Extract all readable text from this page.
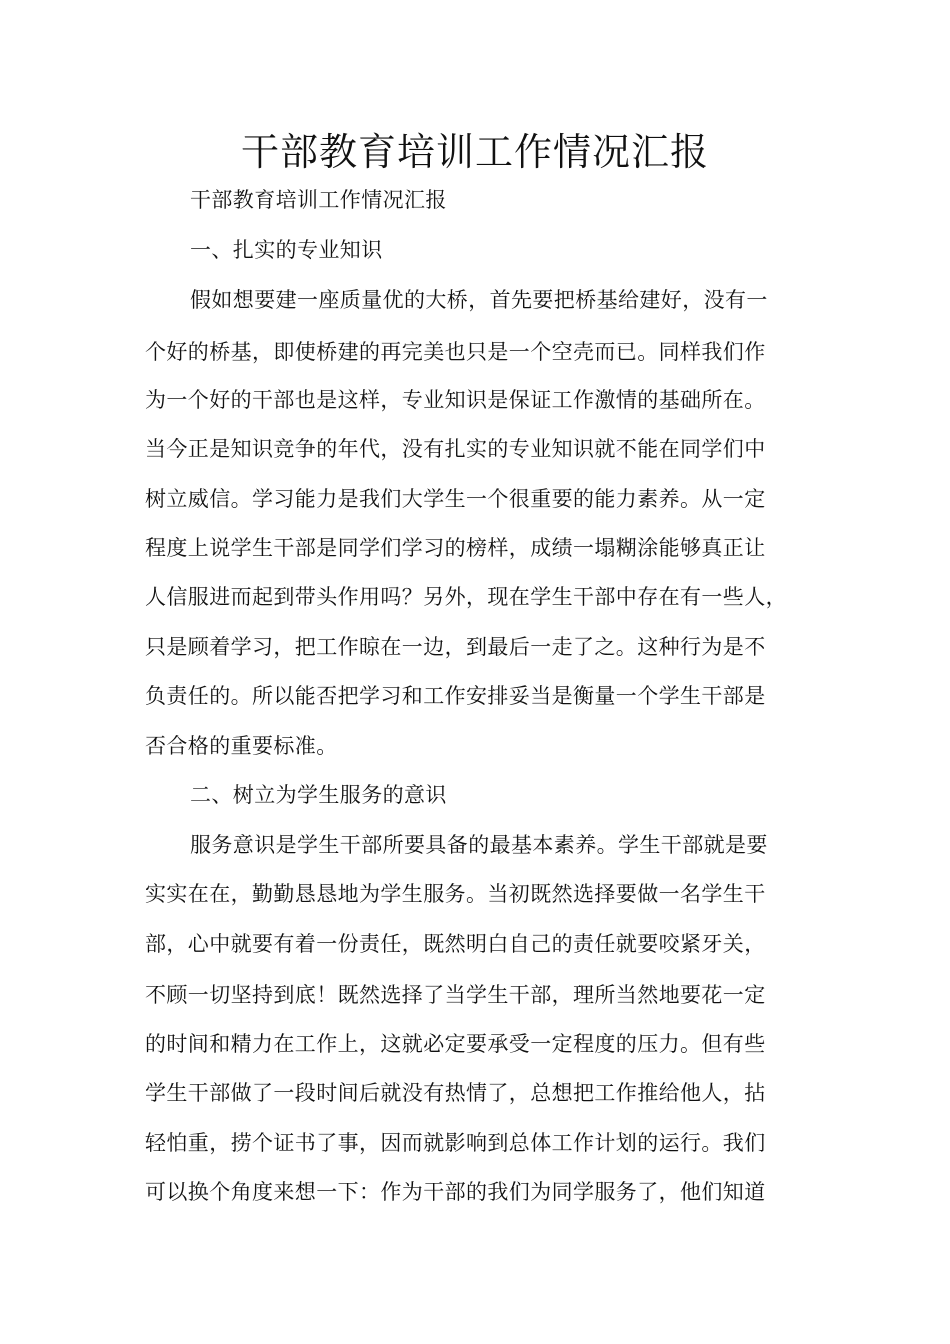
干部教育培训工作情况汇报
干部教育培训工作情况汇报
一、扎实的专业知识
假如想要建一座质量优的大桥，首先要把桥基给建好，没有一
个好的桥基，即使桥建的再完美也只是一个空壳而已。同样我们作
为一个好的干部也是这样，专业知识是保证工作激情的基础所在。
当今正是知识竞争的年代，没有扎实的专业知识就不能在同学们中
树立威信。学习能力是我们大学生一个很重要的能力素养。从一定
程度上说学生干部是同学们学习的榜样，成绩一塌糊涂能够真正让
人信服进而起到带头作用吗？另外，现在学生干部中存在有一些人，
只是顾着学习，把工作晾在一边，到最后一走了之。这种行为是不
负责任的。所以能否把学习和工作安排妥当是衡量一个学生干部是
否合格的重要标准。
二、树立为学生服务的意识
服务意识是学生干部所要具备的最基本素养。学生干部就是要
实实在在，勤勤恳恳地为学生服务。当初既然选择要做一名学生干
部，心中就要有着一份责任，既然明白自己的责任就要咬紧牙关，
不顾一切坚持到底！既然选择了当学生干部，理所当然地要花一定
的时间和精力在工作上，这就必定要承受一定程度的压力。但有些
学生干部做了一段时间后就没有热情了，总想把工作推给他人，拈
轻怕重，捞个证书了事，因而就影响到总体工作计划的运行。我们
可以换个角度来想一下：作为干部的我们为同学服务了，他们知道
